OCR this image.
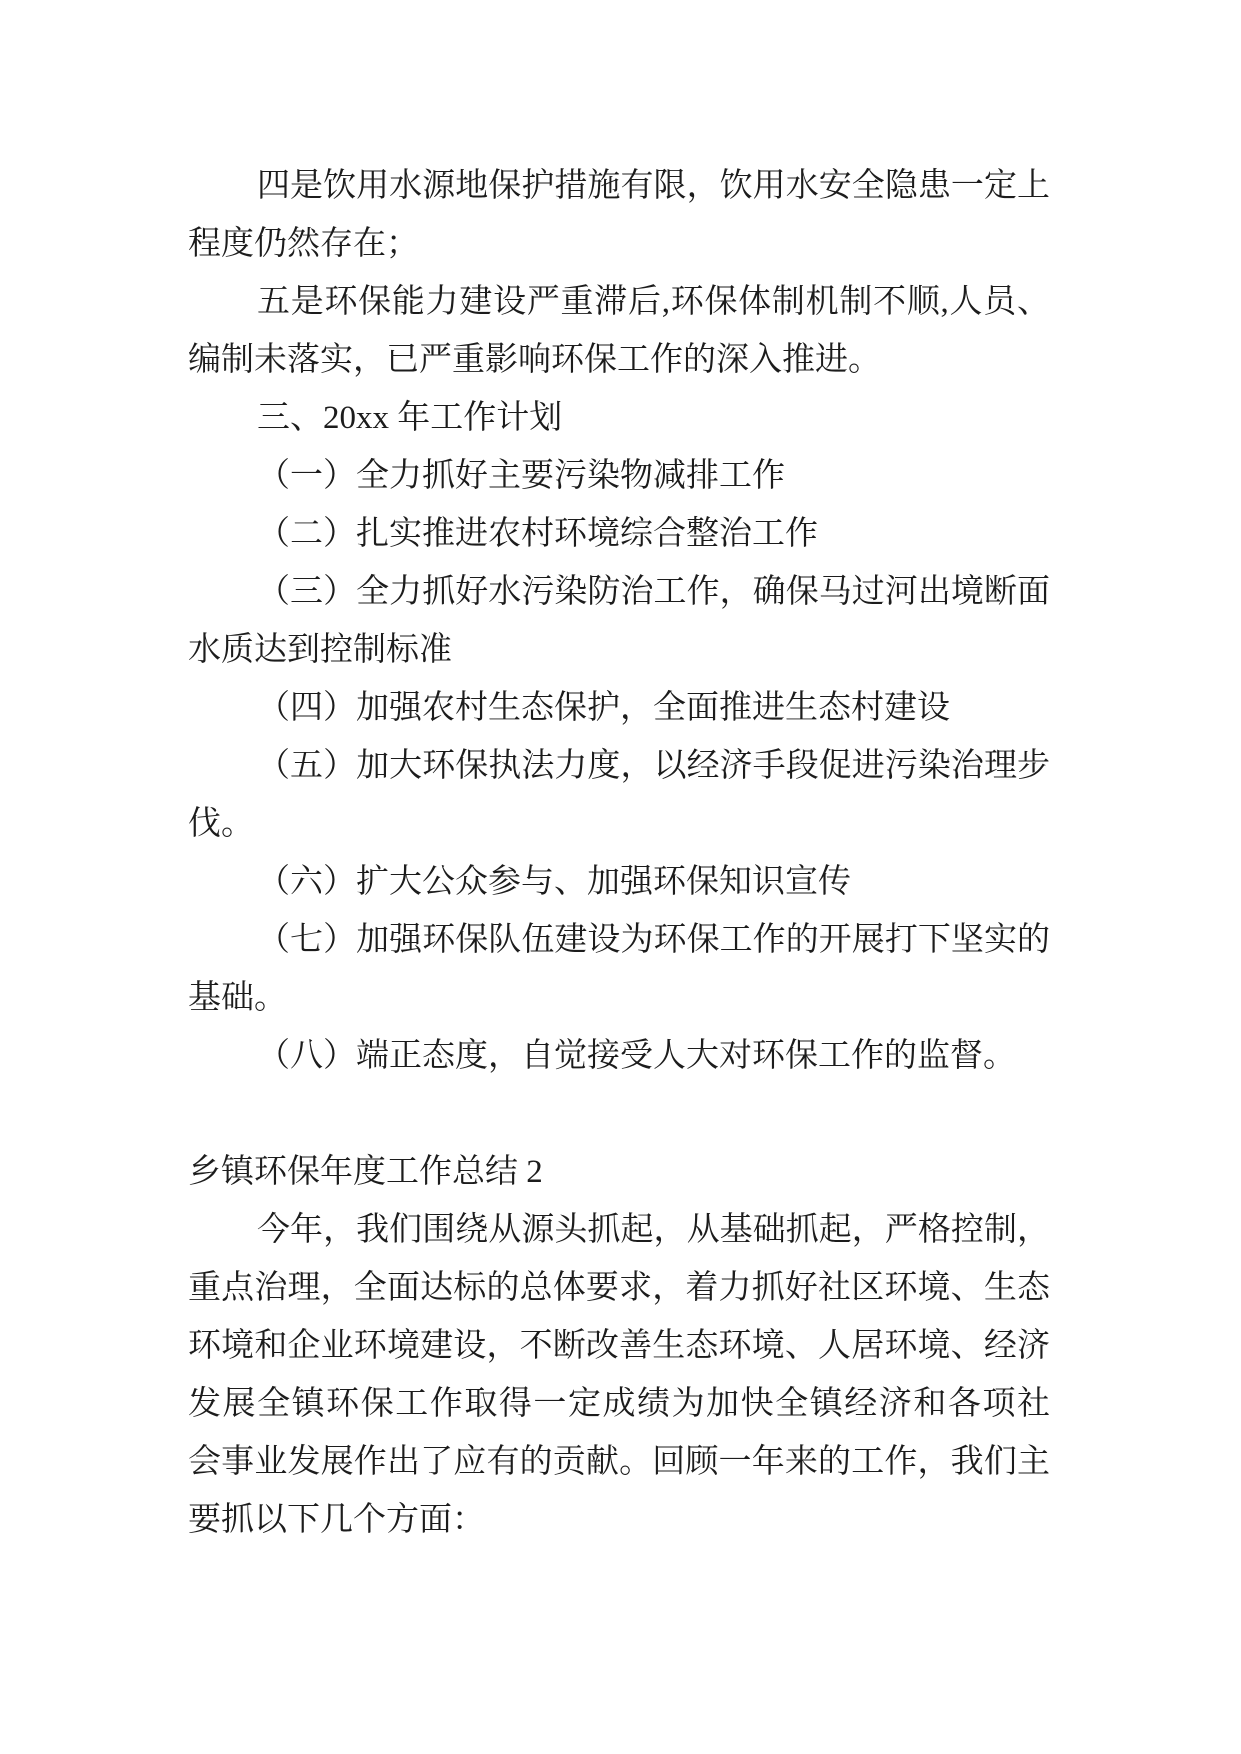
四是饮用水源地保护措施有限，饮用水安全隐患一定上
程度仍然存在；
五是环保能力建设严重滞后,环保体制机制不顺,人员、
编制未落实，已严重影响环保工作的深入推进。
三、20xx 年工作计划
（一）全力抓好主要污染物减排工作
（二）扎实推进农村环境综合整治工作
（三）全力抓好水污染防治工作，确保马过河出境断面
水质达到控制标准
（四）加强农村生态保护，全面推进生态村建设
（五）加大环保执法力度，以经济手段促进污染治理步
伐。
（六）扩大公众参与、加强环保知识宣传
（七）加强环保队伍建设为环保工作的开展打下坚实的
基础。
（八）端正态度，自觉接受人大对环保工作的监督。
乡镇环保年度工作总结 2
今年，我们围绕从源头抓起，从基础抓起，严格控制，
重点治理，全面达标的总体要求，着力抓好社区环境、生态
环境和企业环境建设，不断改善生态环境、人居环境、经济
发展全镇环保工作取得一定成绩为加快全镇经济和各项社
会事业发展作出了应有的贡献。回顾一年来的工作，我们主
要抓以下几个方面：
